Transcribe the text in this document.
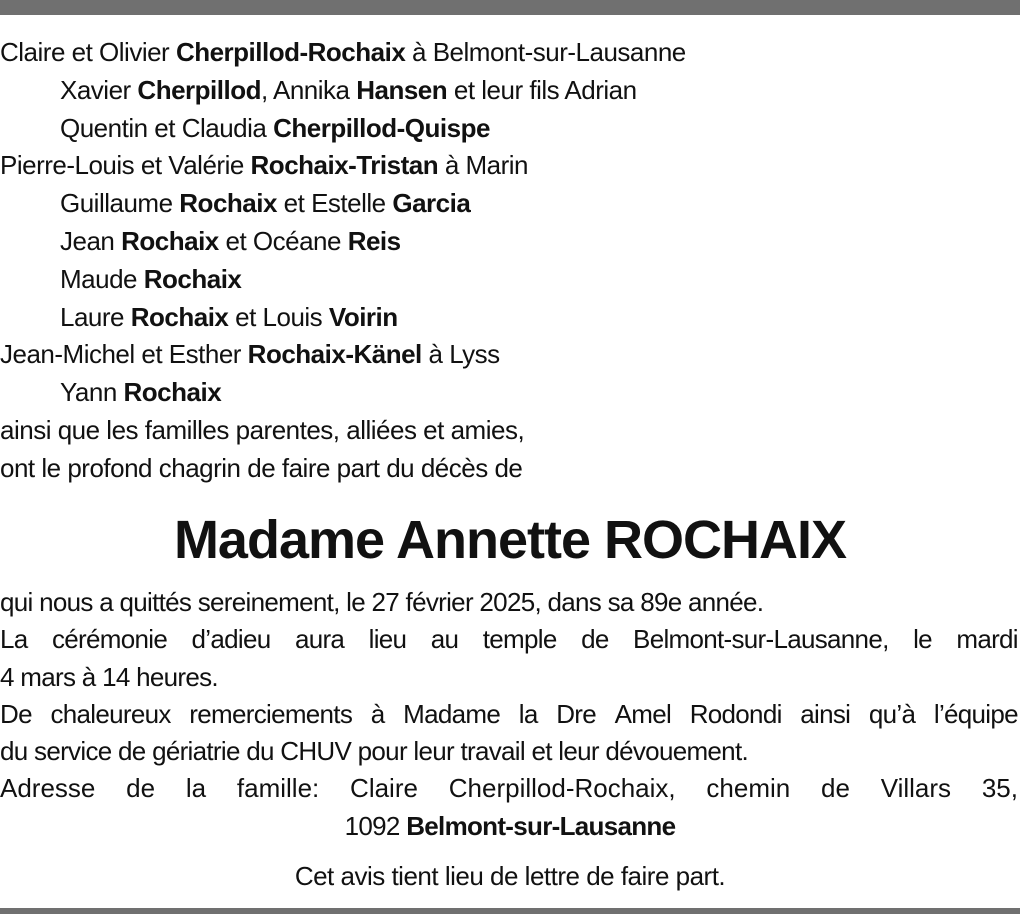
Claire et Olivier Cherpillod-Rochaix à Belmont-sur-Lausanne
Xavier Cherpillod, Annika Hansen et leur fils Adrian
Quentin et Claudia Cherpillod-Quispe
Pierre-Louis et Valérie Rochaix-Tristan à Marin
Guillaume Rochaix et Estelle Garcia
Jean Rochaix et Océane Reis
Maude Rochaix
Laure Rochaix et Louis Voirin
Jean-Michel et Esther Rochaix-Känel à Lyss
Yann Rochaix
ainsi que les familles parentes, alliées et amies,
ont le profond chagrin de faire part du décès de
Madame Annette ROCHAIX
qui nous a quittés sereinement, le 27 février 2025, dans sa 89e année.
La cérémonie d’adieu aura lieu au temple de Belmont-sur-Lausanne, le mardi
4 mars à 14 heures.
De chaleureux remerciements à Madame la Dre Amel Rodondi ainsi qu’à l’équipe
du service de gériatrie du CHUV pour leur travail et leur dévouement.
Adresse de la famille: Claire Cherpillod-Rochaix, chemin de Villars 35,
1092 Belmont-sur-Lausanne
Cet avis tient lieu de lettre de faire part.
